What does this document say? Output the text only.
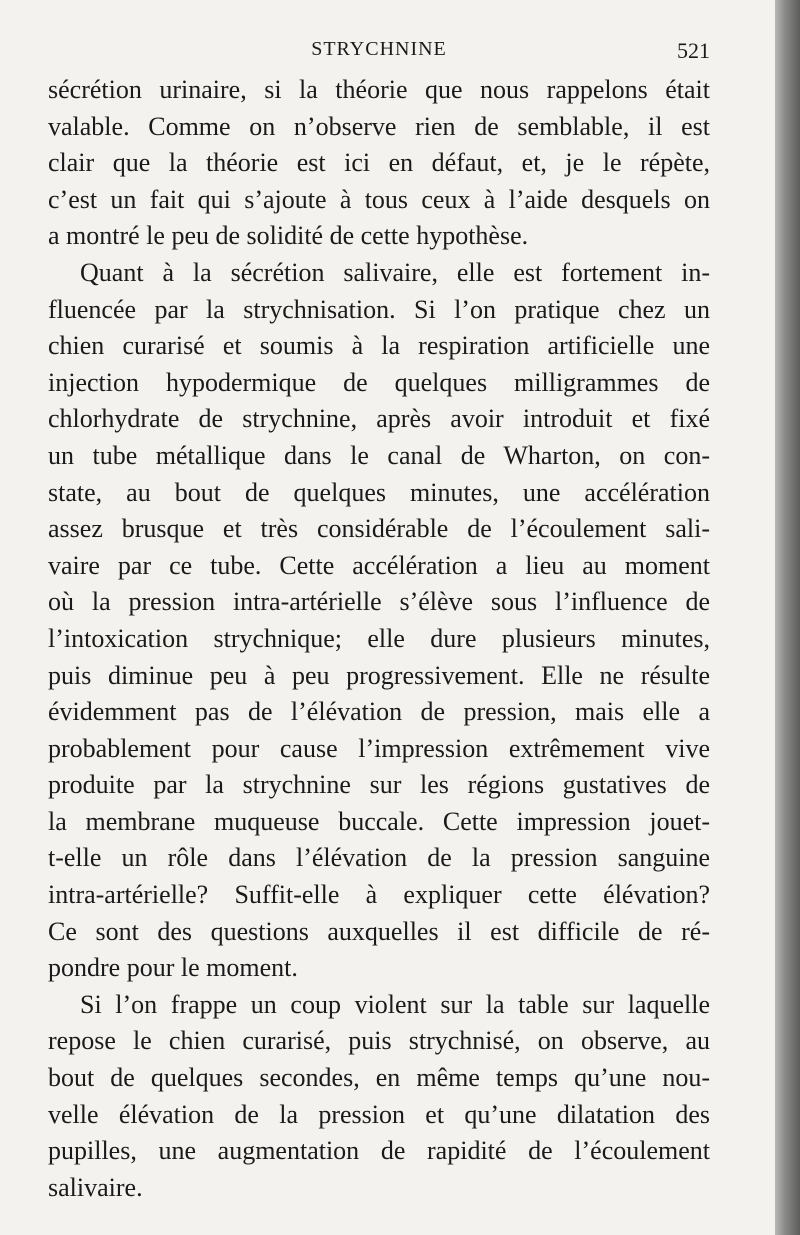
STRYCHNINE	521

sécrétion urinaire, si la théorie que nous rappelons était
valable. Comme on n’observe rien de semblable, il est
clair que la théorie est ici en défaut, et, je le répète,
c’est un fait qui s’ajoute à tous ceux à l’aide desquels on
a montré le peu de solidité de cette hypothèse.

Quant à la sécrétion salivaire, elle est fortement in-
fluencée par la strychnisation. Si l’on pratique chez un
chien curarisé et soumis à la respiration artificielle une
injection hypodermique de quelques milligrammes de
chlorhydrate de strychnine, après avoir introduit et fixé
un tube métallique dans le canal de Wharton, on con-
state, au bout de quelques minutes, une accélération
assez brusque et très considérable de l’écoulement sali-
vaire par ce tube. Cette accélération a lieu au moment
où la pression intra-artérielle s’élève sous l’influence de
l’intoxication strychnique; elle dure plusieurs minutes,
puis diminue peu à peu progressivement. Elle ne résulte
évidemment pas de l’élévation de pression, mais elle a
probablement pour cause l’impression extrêmement vive
produite par la strychnine sur les régions gustatives de
la membrane muqueuse buccale. Cette impression jouet-
t-elle un rôle dans l’élévation de la pression sanguine
intra-artérielle? Suffit-elle à expliquer cette élévation?
Ce sont des questions auxquelles il est difficile de ré-
pondre pour le moment.

Si l’on frappe un coup violent sur la table sur laquelle
repose le chien curarisé, puis strychnisé, on observe, au
bout de quelques secondes, en même temps qu’une nou-
velle élévation de la pression et qu’une dilatation des
pupilles, une augmentation de rapidité de l’écoulement
salivaire.
